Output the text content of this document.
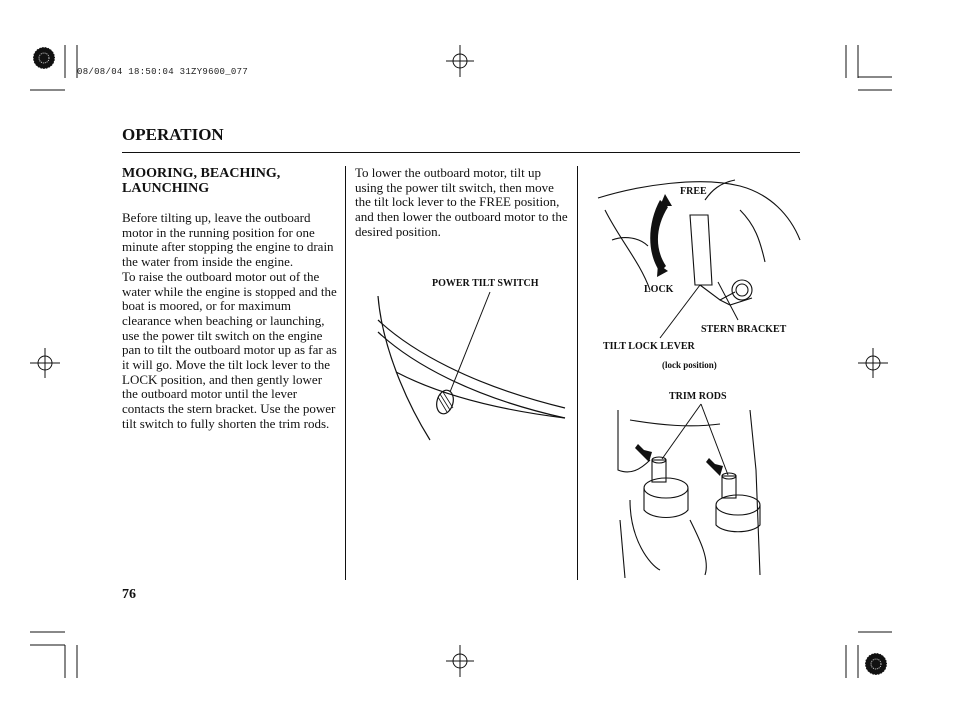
08/08/04 18:50:04 31ZY9600_077
OPERATION
MOORING, BEACHING, LAUNCHING

Before tilting up, leave the outboard motor in the running position for one minute after stopping the engine to drain the water from inside the engine.

To raise the outboard motor out of the water while the engine is stopped and the boat is moored, or for maximum clearance when beaching or launching, use the power tilt switch on the engine pan to tilt the outboard motor up as far as it will go. Move the tilt lock lever to the LOCK position, and then gently lower the outboard motor until the lever contacts the stern bracket. Use the power tilt switch to fully shorten the trim rods.

To lower the outboard motor, tilt up using the power tilt switch, then move the tilt lock lever to the FREE position, and then lower the outboard motor to the desired position.

POWER TILT SWITCH
FREE
LOCK
STERN BRACKET
TILT LOCK LEVER
(lock position)
TRIM RODS
76
